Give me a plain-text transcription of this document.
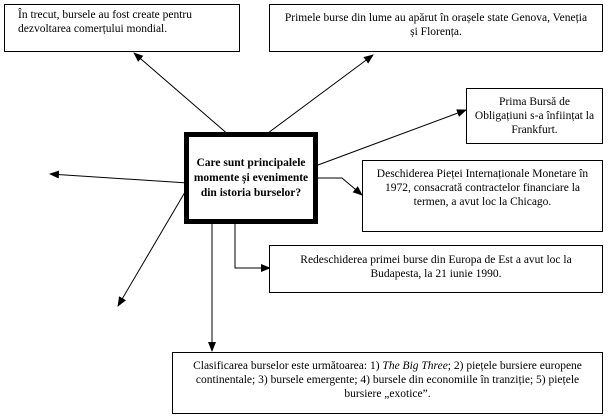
În trecut, bursele au fost create pentru dezvoltarea comerțului mondial.
Primele burse din lume au apărut în orașele state Genova, Veneția și Florența.
Prima Bursă de Obligațiuni s-a înființat la Frankfurt.
Care sunt principalele momente și evenimente din istoria burselor?
Deschiderea Pieței Internaționale Monetare în 1972, consacrată contractelor financiare la termen, a avut loc la Chicago.
Redeschiderea primei burse din Europa de Est a avut loc la Budapesta, la 21 iunie 1990.
Clasificarea burselor este următoarea: 1) The Big Three; 2) piețele bursiere europene continentale; 3) bursele emergente; 4) bursele din economiile în tranziție; 5) piețele bursiere „exotice”.
